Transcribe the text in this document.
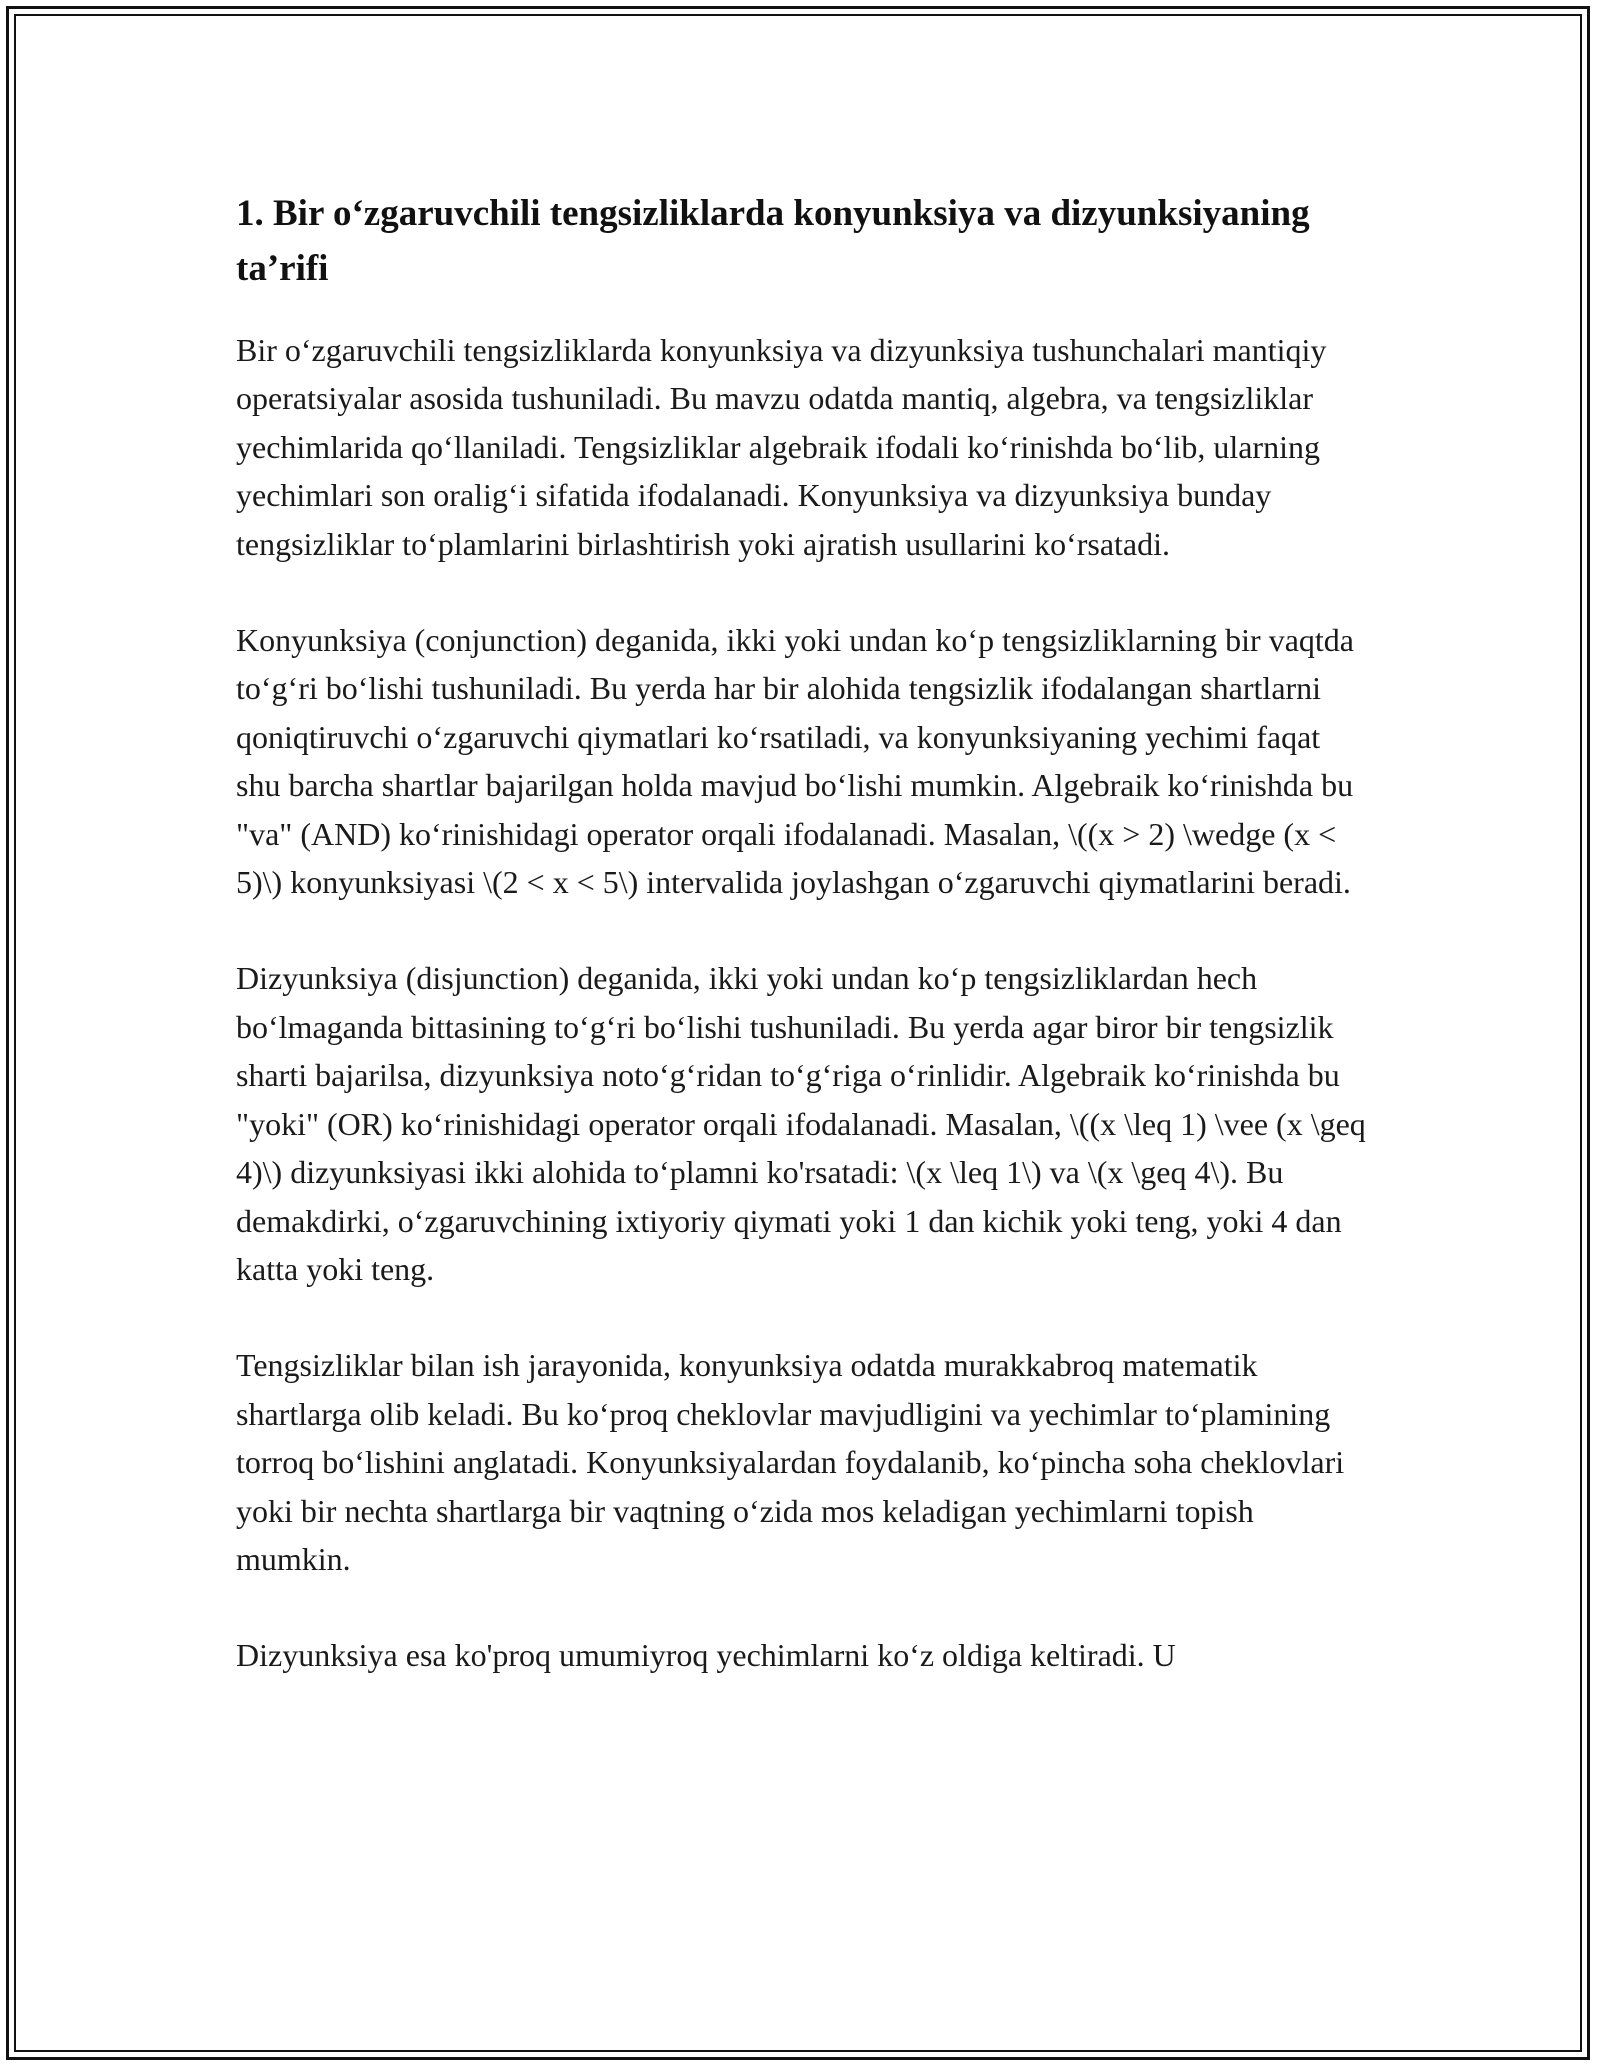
1. Bir o‘zgaruvchili tengsizliklarda konyunksiya va dizyunksiyaning ta’rifi

Bir o‘zgaruvchili tengsizliklarda konyunksiya va dizyunksiya tushunchalari mantiqiy operatsiyalar asosida tushuniladi. Bu mavzu odatda mantiq, algebra, va tengsizliklar yechimlarida qo‘llaniladi. Tengsizliklar algebraik ifodali ko‘rinishda bo‘lib, ularning yechimlari son oralig‘i sifatida ifodalanadi. Konyunksiya va dizyunksiya bunday tengsizliklar to‘plamlarini birlashtirish yoki ajratish usullarini ko‘rsatadi.

Konyunksiya (conjunction) deganida, ikki yoki undan ko‘p tengsizliklarning bir vaqtda to‘g‘ri bo‘lishi tushuniladi. Bu yerda har bir alohida tengsizlik ifodalangan shartlarni qoniqtiruvchi o‘zgaruvchi qiymatlari ko‘rsatiladi, va konyunksiyaning yechimi faqat shu barcha shartlar bajarilgan holda mavjud bo‘lishi mumkin. Algebraik ko‘rinishda bu "va" (AND) ko‘rinishidagi operator orqali ifodalanadi. Masalan, \((x > 2) \wedge (x < 5)\) konyunksiyasi \(2 < x < 5\) intervalida joylashgan o‘zgaruvchi qiymatlarini beradi.

Dizyunksiya (disjunction) deganida, ikki yoki undan ko‘p tengsizliklardan hech bo‘lmaganda bittasining to‘g‘ri bo‘lishi tushuniladi. Bu yerda agar biror bir tengsizlik sharti bajarilsa, dizyunksiya noto‘g‘ridan to‘g‘riga o‘rinlidir. Algebraik ko‘rinishda bu "yoki" (OR) ko‘rinishidagi operator orqali ifodalanadi. Masalan, \((x \leq 1) \vee (x \geq 4)\) dizyunksiyasi ikki alohida to‘plamni ko'rsatadi: \(x \leq 1\) va \(x \geq 4\). Bu demakdirki, o‘zgaruvchining ixtiyoriy qiymati yoki 1 dan kichik yoki teng, yoki 4 dan katta yoki teng.

Tengsizliklar bilan ish jarayonida, konyunksiya odatda murakkabroq matematik shartlarga olib keladi. Bu ko‘proq cheklovlar mavjudligini va yechimlar to‘plamining torroq bo‘lishini anglatadi. Konyunksiyalardan foydalanib, ko‘pincha soha cheklovlari yoki bir nechta shartlarga bir vaqtning o‘zida mos keladigan yechimlarni topish mumkin.

Dizyunksiya esa ko'proq umumiyroq yechimlarni ko‘z oldiga keltiradi. U
